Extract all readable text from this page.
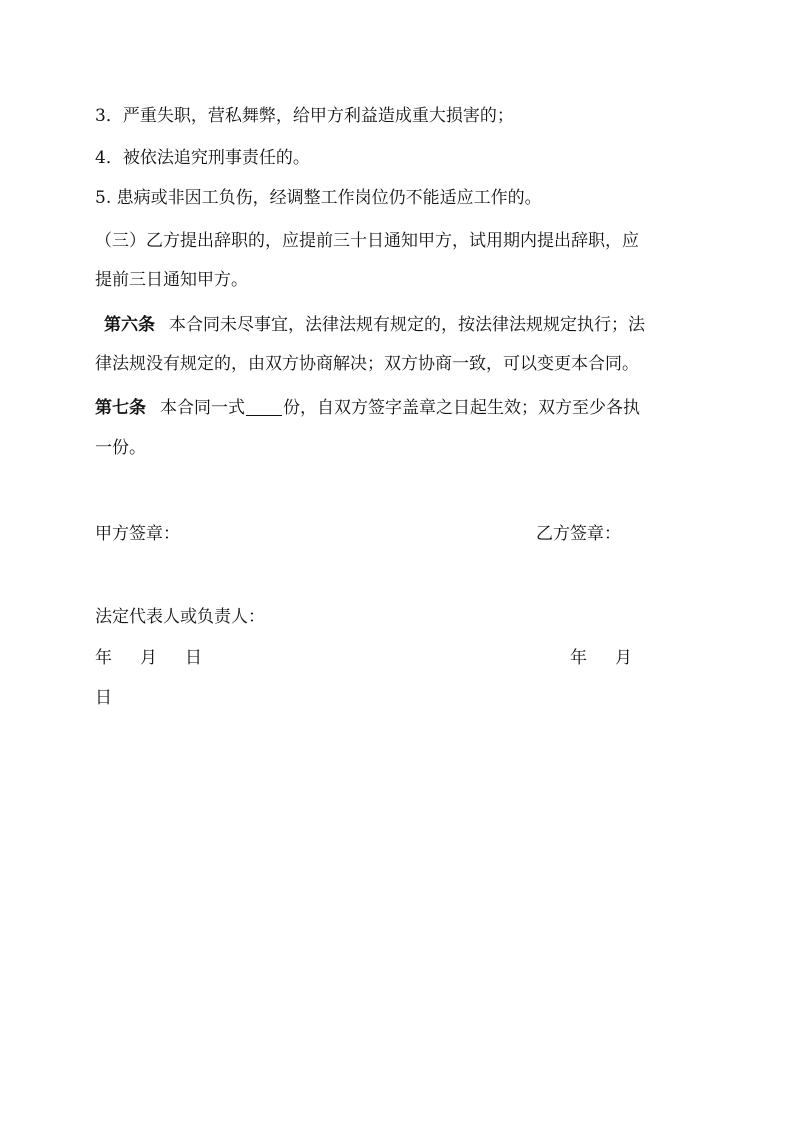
3．严重失职，营私舞弊，给甲方利益造成重大损害的；
4．被依法追究刑事责任的。
5. 患病或非因工负伤，经调整工作岗位仍不能适应工作的。
（三）乙方提出辞职的，应提前三十日通知甲方，试用期内提出辞职，应
提前三日通知甲方。
第六条 本合同未尽事宜，法律法规有规定的，按法律法规规定执行；法
律法规没有规定的，由双方协商解决；双方协商一致，可以变更本合同。
第七条 本合同一式 份，自双方签字盖章之日起生效；双方至少各执
一份。
甲方签章：	乙方签章：
法定代表人或负责人：
年 月 日	年 月
日
